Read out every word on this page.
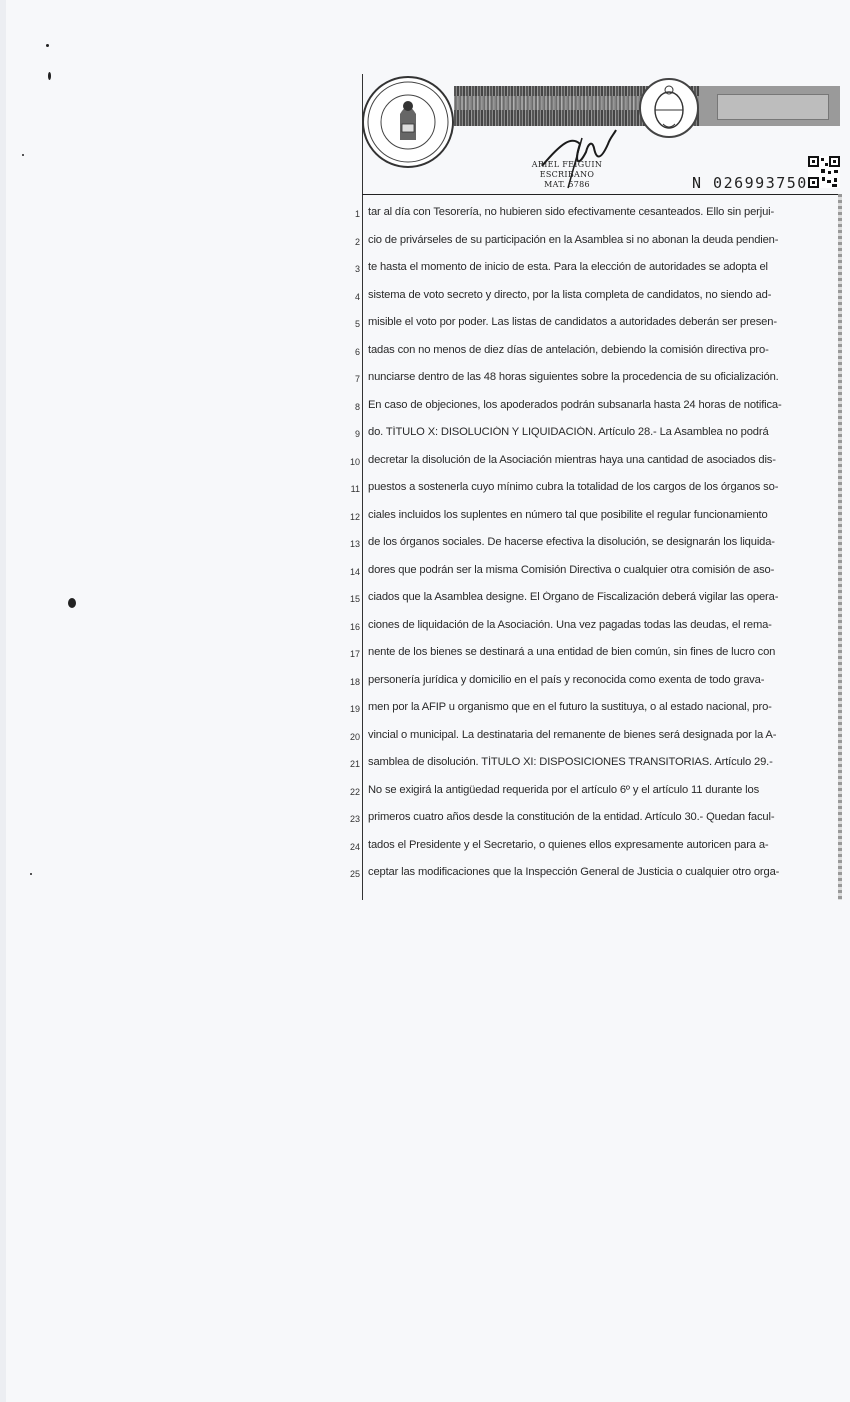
ARIEL FEIGUIN
ESCRIBANO
MAT. 5786	N 026993750
1 tar al día con Tesorería, no hubieren sido efectivamente cesanteados. Ello sin perjui-
2 cio de privárseles de su participación en la Asamblea si no abonan la deuda pendien-
3 te hasta el momento de inicio de esta. Para la elección de autoridades se adopta el
4 sistema de voto secreto y directo, por la lista completa de candidatos, no siendo ad-
5 misible el voto por poder. Las listas de candidatos a autoridades deberán ser presen-
6 tadas con no menos de diez días de antelación, debiendo la comisión directiva pro-
7 nunciarse dentro de las 48 horas siguientes sobre la procedencia de su oficialización.
8 En caso de objeciones, los apoderados podrán subsanarla hasta 24 horas de notifica-
9 do. TÍTULO X: DISOLUCIÓN Y LIQUIDACIÓN. Artículo 28.- La Asamblea no podrá
10 decretar la disolución de la Asociación mientras haya una cantidad de asociados dis-
11 puestos a sostenerla cuyo mínimo cubra la totalidad de los cargos de los órganos so-
12 ciales incluidos los suplentes en número tal que posibilite el regular funcionamiento
13 de los órganos sociales. De hacerse efectiva la disolución, se designarán los liquida-
14 dores que podrán ser la misma Comisión Directiva o cualquier otra comisión de aso-
15 ciados que la Asamblea designe. El Órgano de Fiscalización deberá vigilar las opera-
16 ciones de liquidación de la Asociación. Una vez pagadas todas las deudas, el rema-
17 nente de los bienes se destinará a una entidad de bien común, sin fines de lucro con
18 personería jurídica y domicilio en el país y reconocida como exenta de todo grava-
19 men por la AFIP u organismo que en el futuro la sustituya, o al estado nacional, pro-
20 vincial o municipal. La destinataria del remanente de bienes será designada por la A-
21 samblea de disolución. TÍTULO XI: DISPOSICIONES TRANSITORIAS. Artículo 29.-
22 No se exigirá la antigüedad requerida por el artículo 6º y el artículo 11 durante los
23 primeros cuatro años desde la constitución de la entidad. Artículo 30.- Quedan facul-
24 tados el Presidente y el Secretario, o quienes ellos expresamente autoricen para a-
25 ceptar las modificaciones que la Inspección General de Justicia o cualquier otro orga-
